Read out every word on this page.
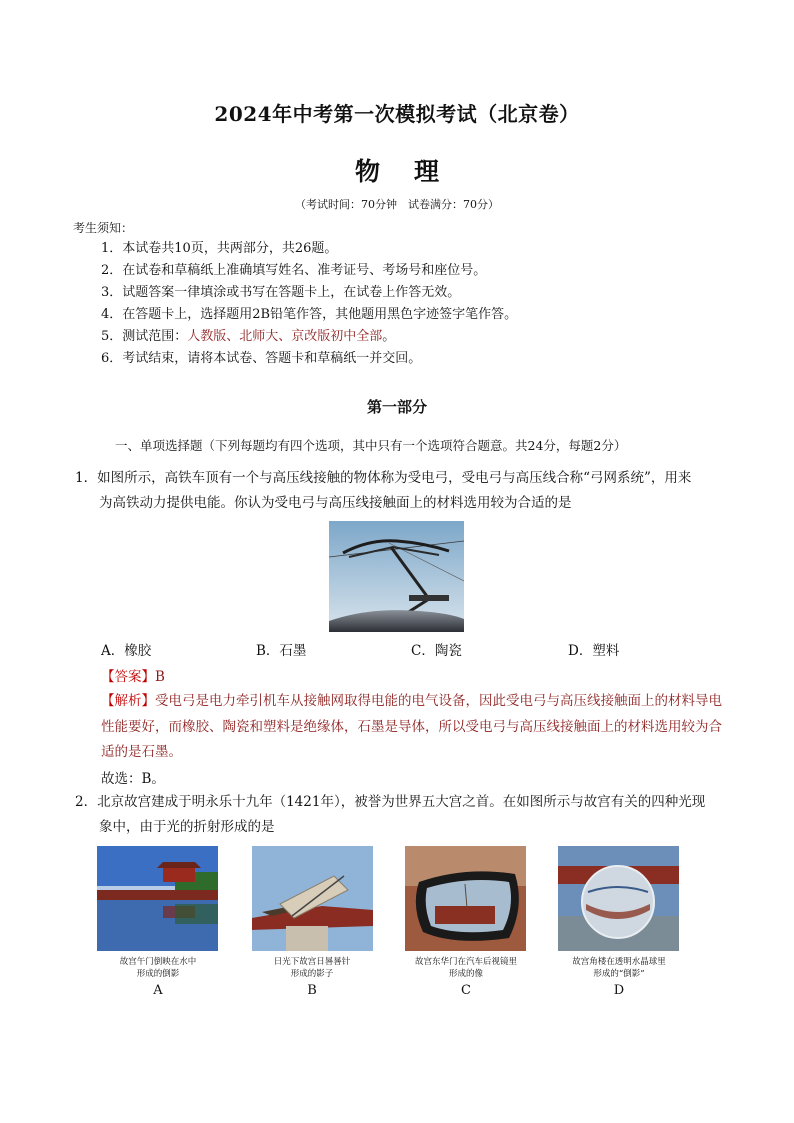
2024年中考第一次模拟考试（北京卷）
物理
（考试时间：70分钟　试卷满分：70分）
考生须知：
1．本试卷共10页，共两部分，共26题。
2．在试卷和草稿纸上准确填写姓名、准考证号、考场号和座位号。
3．试题答案一律填涂或书写在答题卡上，在试卷上作答无效。
4．在答题卡上，选择题用2B铅笔作答，其他题用黑色字迹签字笔作答。
5．测试范围：人教版、北师大、京改版初中全部。
6．考试结束，请将本试卷、答题卡和草稿纸一并交回。
第一部分
一、单项选择题（下列每题均有四个选项，其中只有一个选项符合题意。共24分，每题2分）
1．如图所示，高铁车顶有一个与高压线接触的物体称为受电弓，受电弓与高压线合称“弓网系统”，用来
为高铁动力提供电能。你认为受电弓与高压线接触面上的材料选用较为合适的是
A．橡胶	B．石墨	C．陶瓷	D．塑料
【答案】B
【解析】受电弓是电力牵引机车从接触网取得电能的电气设备，因此受电弓与高压线接触面上的材料导电性能要好，而橡胶、陶瓷和塑料是绝缘体，石墨是导体，所以受电弓与高压线接触面上的材料选用较为合适的是石墨。
故选：B。
2．北京故宫建成于明永乐十九年（1421年），被誉为世界五大宫之首。在如图所示与故宫有关的四种光现
象中，由于光的折射形成的是
故宫午门倒映在水中
形成的倒影
日光下故宫日晷晷针
形成的影子
故宫东华门在汽车后视镜里
形成的像
故宫角楼在透明水晶球里
形成的“倒影”
A	B	C	D
